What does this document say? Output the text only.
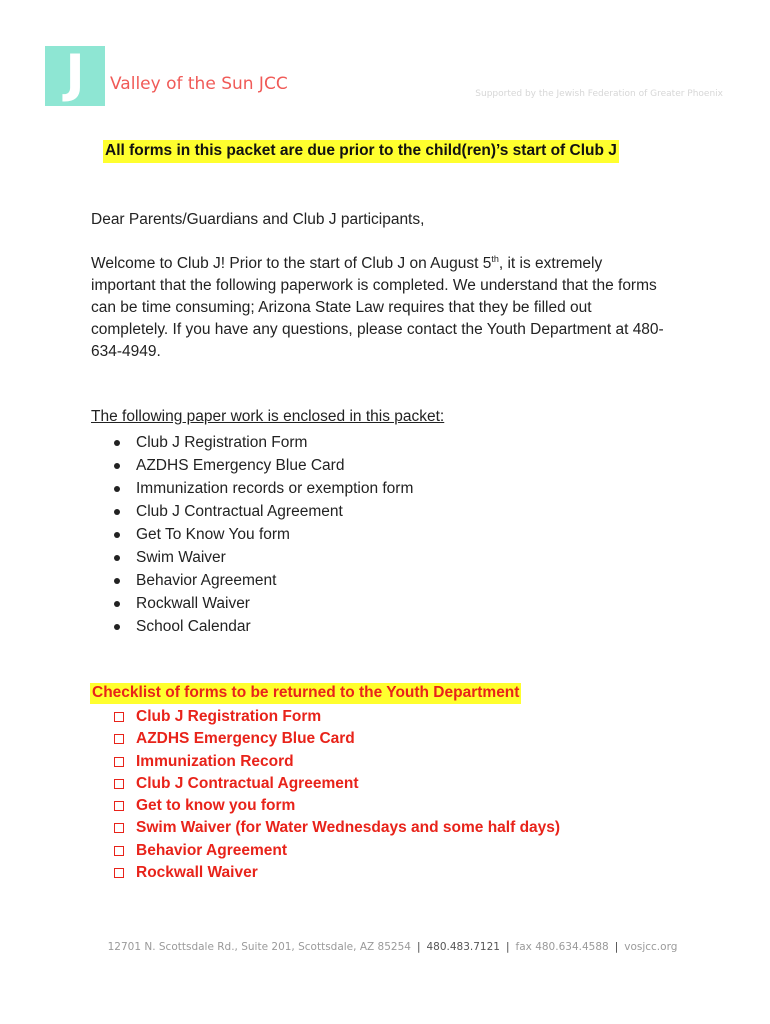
J	Valley of the Sun JCC	Supported by the Jewish Federation of Greater Phoenix
All forms in this packet are due prior to the child(ren)’s start of Club J
Dear Parents/Guardians and Club J participants,
Welcome to Club J! Prior to the start of Club J on August 5th, it is extremely important that the following paperwork is completed. We understand that the forms can be time consuming; Arizona State Law requires that they be filled out completely. If you have any questions, please contact the Youth Department at 480-634-4949.
The following paper work is enclosed in this packet:
Club J Registration Form
AZDHS Emergency Blue Card
Immunization records or exemption form
Club J Contractual Agreement
Get To Know You form
Swim Waiver
Behavior Agreement
Rockwall Waiver
School Calendar
Checklist of forms to be returned to the Youth Department
Club J Registration Form
AZDHS Emergency Blue Card
Immunization Record
Club J Contractual Agreement
Get to know you form
Swim Waiver (for Water Wednesdays and some half days)
Behavior Agreement
Rockwall Waiver
12701 N. Scottsdale Rd., Suite 201, Scottsdale, AZ 85254 | 480.483.7121 | fax 480.634.4588 | vosjcc.org
